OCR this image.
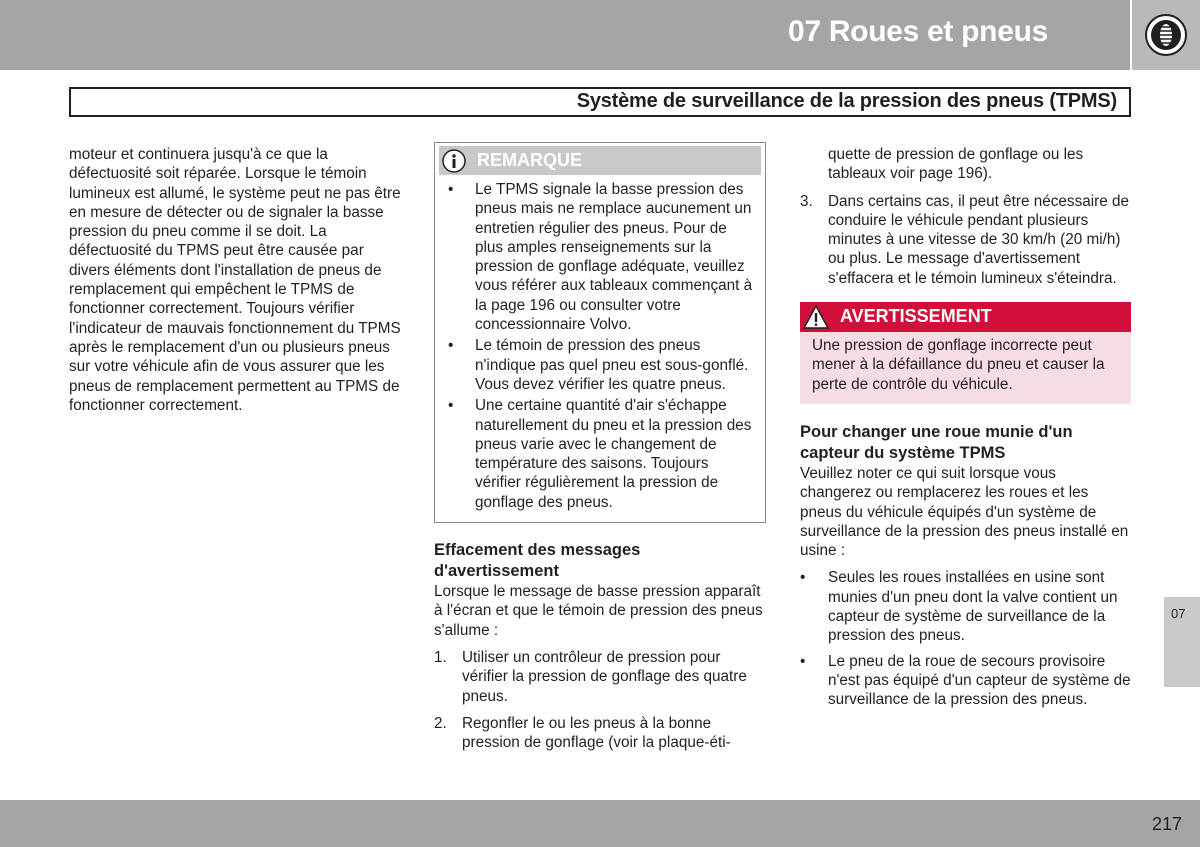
07 Roues et pneus
Système de surveillance de la pression des pneus (TPMS)

moteur et continuera jusqu'à ce que la défectuosité soit réparée. Lorsque le témoin lumineux est allumé, le système peut ne pas être en mesure de détecter ou de signaler la basse pression du pneu comme il se doit. La défectuosité du TPMS peut être causée par divers éléments dont l'installation de pneus de remplacement qui empêchent le TPMS de fonctionner correctement. Toujours vérifier l'indicateur de mauvais fonctionnement du TPMS après le remplacement d'un ou plusieurs pneus sur votre véhicule afin de vous assurer que les pneus de remplacement permettent au TPMS de fonctionner correctement.

REMARQUE
• Le TPMS signale la basse pression des pneus mais ne remplace aucunement un entretien régulier des pneus. Pour de plus amples renseignements sur la pression de gonflage adéquate, veuillez vous référer aux tableaux commençant à la page 196 ou consulter votre concessionnaire Volvo.
• Le témoin de pression des pneus n'indique pas quel pneu est sous-gonflé. Vous devez vérifier les quatre pneus.
• Une certaine quantité d'air s'échappe naturellement du pneu et la pression des pneus varie avec le changement de température des saisons. Toujours vérifier régulièrement la pression de gonflage des pneus.
Effacement des messages d'avertissement

Lorsque le message de basse pression apparaît à l'écran et que le témoin de pression des pneus s'allume :

1. Utiliser un contrôleur de pression pour vérifier la pression de gonflage des quatre pneus.
2. Regonfler le ou les pneus à la bonne pression de gonflage (voir la plaque-éti-
quette de pression de gonflage ou les tableaux voir page 196).
3. Dans certains cas, il peut être nécessaire de conduire le véhicule pendant plusieurs minutes à une vitesse de 30 km/h (20 mi/h) ou plus. Le message d'avertissement s'effacera et le témoin lumineux s'éteindra.
AVERTISSEMENT

Une pression de gonflage incorrecte peut mener à la défaillance du pneu et causer la perte de contrôle du véhicule.

Pour changer une roue munie d'un capteur du système TPMS

Veuillez noter ce qui suit lorsque vous changerez ou remplacerez les roues et les pneus du véhicule équipés d'un système de surveillance de la pression des pneus installé en usine :

• Seules les roues installées en usine sont munies d'un pneu dont la valve contient un capteur de système de surveillance de la pression des pneus.
• Le pneu de la roue de secours provisoire n'est pas équipé d'un capteur de système de surveillance de la pression des pneus.
07
217
